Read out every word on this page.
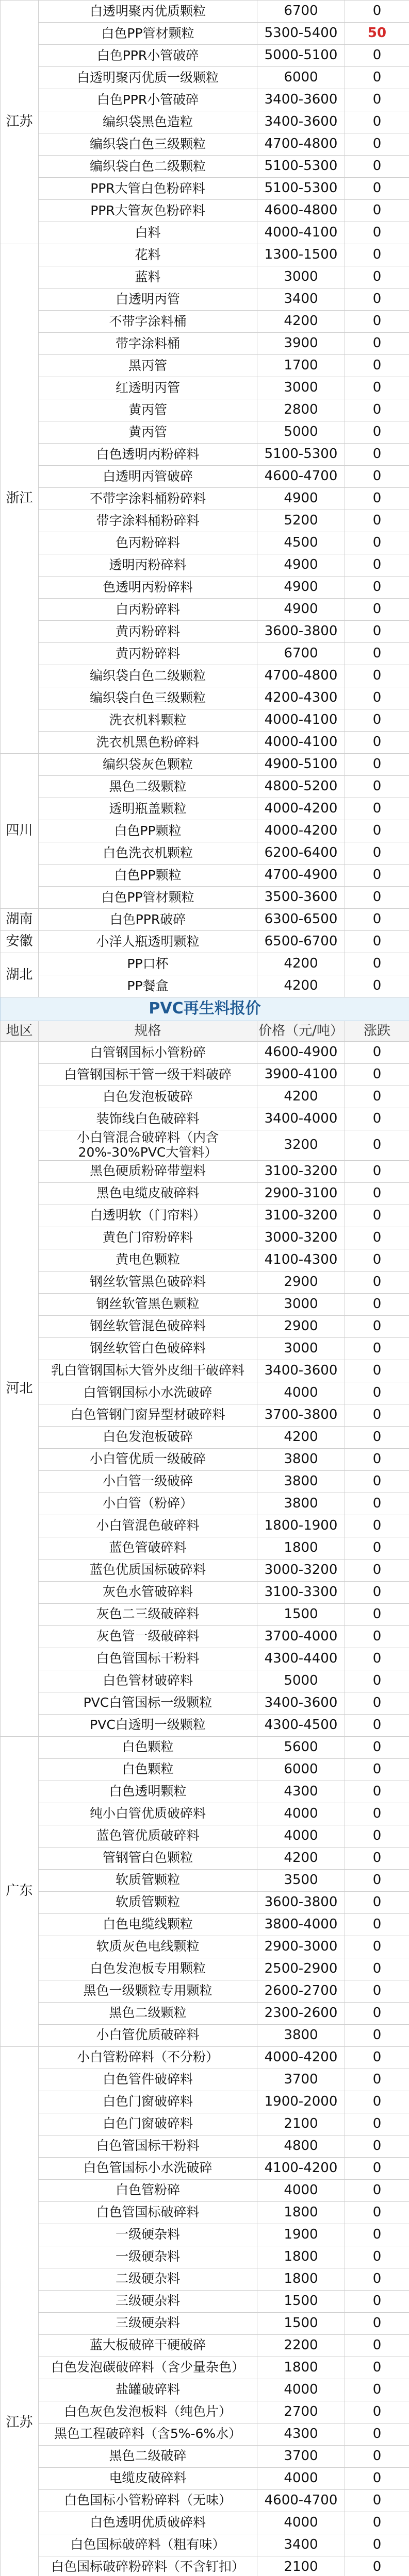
江苏	白透明聚丙优质颗粒	6700	0
	白色PP管材颗粒	5300-5400	50
	白色PPR小管破碎	5000-5100	0
	白透明聚丙优质一级颗粒	6000	0
	白色PPR小管破碎	3400-3600	0
	编织袋黑色造粒	3400-3600	0
	编织袋白色三级颗粒	4700-4800	0
	编织袋白色二级颗粒	5100-5300	0
	PPR大管白色粉碎料	5100-5300	0
	PPR大管灰色粉碎料	4600-4800	0
	白料	4000-4100	0
浙江	花料	1300-1500	0
	蓝料	3000	0
	白透明丙管	3400	0
	不带字涂料桶	4200	0
	带字涂料桶	3900	0
	黑丙管	1700	0
	红透明丙管	3000	0
	黄丙管	2800	0
	黄丙管	5000	0
	白色透明丙粉碎料	5100-5300	0
	白透明丙管破碎	4600-4700	0
	不带字涂料桶粉碎料	4900	0
	带字涂料桶粉碎料	5200	0
	色丙粉碎料	4500	0
	透明丙粉碎料	4900	0
	色透明丙粉碎料	4900	0
	白丙粉碎料	4900	0
	黄丙粉碎料	3600-3800	0
	黄丙粉碎料	6700	0
	编织袋白色二级颗粒	4700-4800	0
	编织袋白色三级颗粒	4200-4300	0
	洗衣机料颗粒	4000-4100	0
	洗衣机黑色粉碎料	4000-4100	0
四川	编织袋灰色颗粒	4900-5100	0
	黑色二级颗粒	4800-5200	0
	透明瓶盖颗粒	4000-4200	0
	白色PP颗粒	4000-4200	0
	白色洗衣机颗粒	6200-6400	0
	白色PP颗粒	4700-4900	0
	白色PP管材颗粒	3500-3600	0
湖南	白色PPR破碎	6300-6500	0
安徽	小洋人瓶透明颗粒	6500-6700	0
湖北	PP口杯	4200	0
	PP餐盒	4200	0
PVC再生料报价			
地区	规格	价格（元/吨）	涨跌
河北	白管钢国标小管粉碎	4600-4900	0
	白管钢国标干管一级干料破碎	3900-4100	0
	白色发泡板破碎	4200	0
	装饰线白色破碎料	3400-4000	0
	小白管混合破碎料（内含20%-30%PVC大管料）	3200	0
	黑色硬质粉碎带塑料	3100-3200	0
	黑色电缆皮破碎料	2900-3100	0
	白透明软（门帘料）	3100-3200	0
	黄色门帘粉碎料	3000-3200	0
	黄电色颗粒	4100-4300	0
	钢丝软管黑色破碎料	2900	0
	钢丝软管黑色颗粒	3000	0
	钢丝软管混色破碎料	2900	0
	钢丝软管白色破碎料	3000	0
	乳白管钢国标大管外皮细干破碎料	3400-3600	0
	白管钢国标小水洗破碎	4000	0
	白色管钢门窗异型材破碎料	3700-3800	0
	白色发泡板破碎	4200	0
	小白管优质一级破碎	3800	0
	小白管一级破碎	3800	0
	小白管（粉碎）	3800	0
	小白管混色破碎料	1800-1900	0
	蓝色管破碎料	1800	0
	蓝色优质国标破碎料	3000-3200	0
	灰色水管破碎料	3100-3300	0
	灰色二三级破碎料	1500	0
	灰色管一级破碎料	3700-4000	0
	白色管国标干粉料	4300-4400	0
	白色管材破碎料	5000	0
	PVC白管国标一级颗粒	3400-3600	0
	PVC白透明一级颗粒	4300-4500	0
广东	白色颗粒	5600	0
	白色颗粒	6000	0
	白色透明颗粒	4300	0
	纯小白管优质破碎料	4000	0
	蓝色管优质破碎料	4000	0
	管钢管白色颗粒	4200	0
	软质管颗粒	3500	0
	软质管颗粒	3600-3800	0
	白色电缆线颗粒	3800-4000	0
	软质灰色电线颗粒	2900-3000	0
	白色发泡板专用颗粒	2500-2900	0
	黑色一级颗粒专用颗粒	2600-2700	0
	黑色二级颗粒	2300-2600	0
	小白管优质破碎料	3800	0
江苏	小白管粉碎料（不分粉）	4000-4200	0
	白色管件破碎料	3700	0
	白色门窗破碎料	1900-2000	0
	白色门窗破碎料	2100	0
	白色管国标干粉料	4800	0
	白色管国标小水洗破碎	4100-4200	0
	白色管粉碎	4000	0
	白色管国标破碎料	1800	0
	一级硬杂料	1900	0
	一级硬杂料	1800	0
	二级硬杂料	1800	0
	三级硬杂料	1500	0
	三级硬杂料	1500	0
	蓝大板破碎干硬破碎	2200	0
	白色发泡碳破碎料（含少量杂色）	1800	0
	盐罐破碎料	4000	0
	白色灰色发泡板料（纯色片）	2700	0
	黑色工程破碎料（含5%-6%水）	4300	0
	黑色二级破碎	3700	0
	电缆皮破碎料	4000	0
	白色国标小管粉碎料（无味）	4600-4700	0
	白色透明优质破碎料	4000	0
	白色国标破碎料（粗有味）	3400	0
	白色国标破碎粉碎料（不含钉扣）	2100	0
